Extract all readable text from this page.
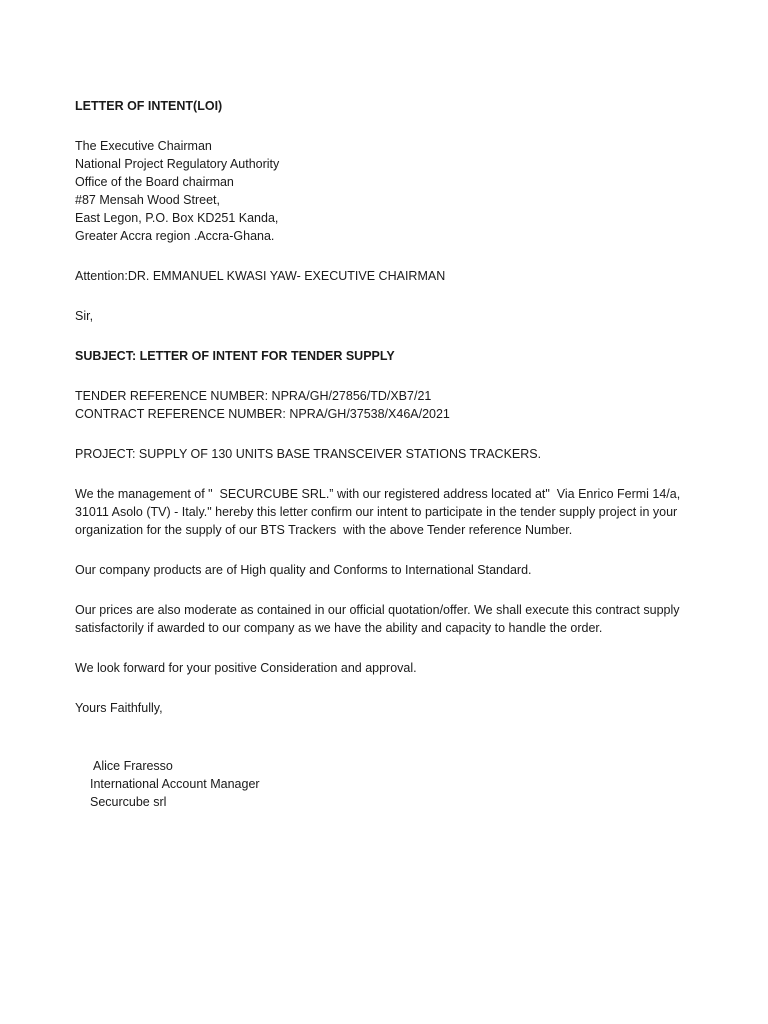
LETTER OF INTENT(LOI)
The Executive Chairman
National Project Regulatory Authority
Office of the Board chairman
#87 Mensah Wood Street,
East Legon, P.O. Box KD251 Kanda,
Greater Accra region .Accra-Ghana.
Attention:DR. EMMANUEL KWASI YAW- EXECUTIVE CHAIRMAN
Sir,
SUBJECT: LETTER OF INTENT FOR TENDER SUPPLY
TENDER REFERENCE NUMBER: NPRA/GH/27856/TD/XB7/21
CONTRACT REFERENCE NUMBER: NPRA/GH/37538/X46A/2021
PROJECT: SUPPLY OF 130 UNITS BASE TRANSCEIVER STATIONS TRACKERS.
We the management of "  SECURCUBE SRL.” with our registered address located at"  Via Enrico Fermi 14/a,
31011 Asolo (TV) - Italy." hereby this letter confirm our intent to participate in the tender supply project in your
organization for the supply of our BTS Trackers  with the above Tender reference Number.
Our company products are of High quality and Conforms to International Standard.
Our prices are also moderate as contained in our official quotation/offer. We shall execute this contract supply
satisfactorily if awarded to our company as we have the ability and capacity to handle the order.
We look forward for your positive Consideration and approval.
Yours Faithfully,
Alice Fraresso
International Account Manager
Securcube srl
